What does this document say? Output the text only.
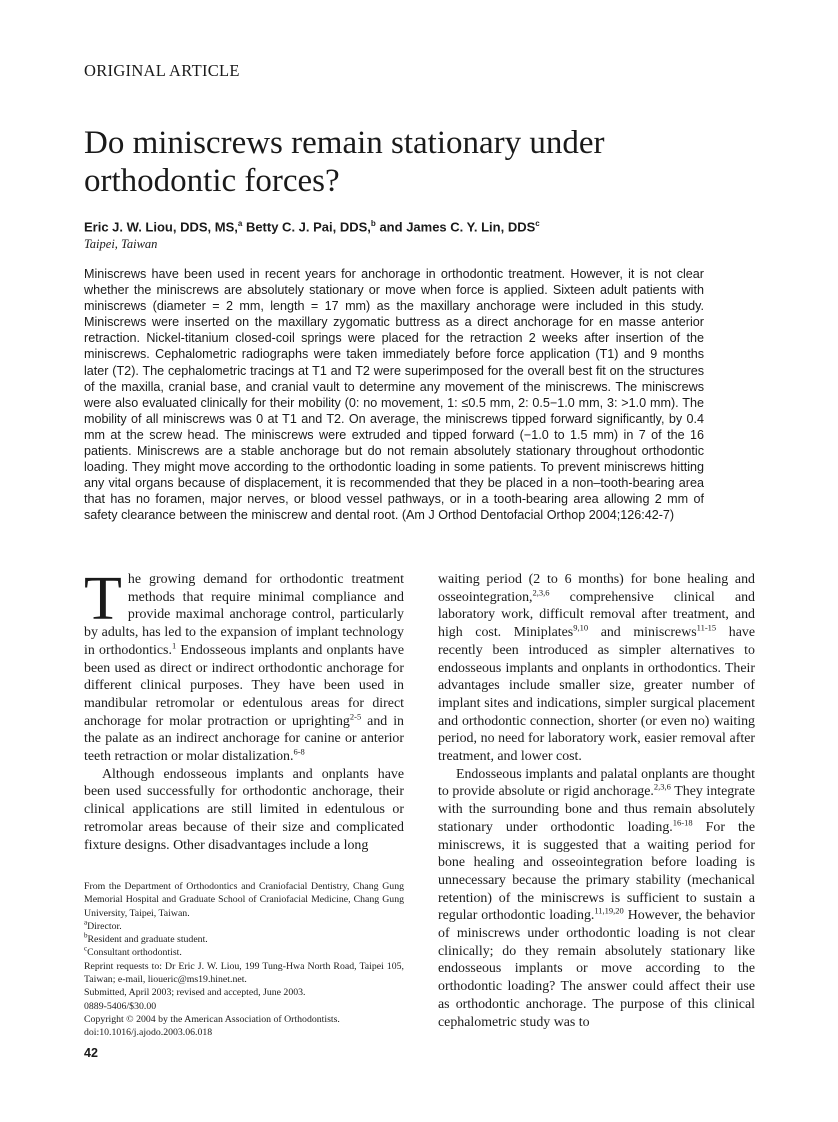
ORIGINAL ARTICLE
Do miniscrews remain stationary under orthodontic forces?
Eric J. W. Liou, DDS, MS,$^a$ Betty C. J. Pai, DDS,$^b$ and James C. Y. Lin, DDS$^c$
Taipei, Taiwan

Miniscrews have been used in recent years for anchorage in orthodontic treatment. However, it is not clear whether the miniscrews are absolutely stationary or move when force is applied. Sixteen adult patients with miniscrews (diameter = 2 mm, length = 17 mm) as the maxillary anchorage were included in this study. Miniscrews were inserted on the maxillary zygomatic buttress as a direct anchorage for en masse anterior retraction. Nickel-titanium closed-coil springs were placed for the retraction 2 weeks after insertion of the miniscrews. Cephalometric radiographs were taken immediately before force application (T1) and 9 months later (T2). The cephalometric tracings at T1 and T2 were superimposed for the overall best fit on the structures of the maxilla, cranial base, and cranial vault to determine any movement of the miniscrews. The miniscrews were also evaluated clinically for their mobility (0: no movement, 1: ≤0.5 mm, 2: 0.5−1.0 mm, 3: >1.0 mm). The mobility of all miniscrews was 0 at T1 and T2. On average, the miniscrews tipped forward significantly, by 0.4 mm at the screw head. The miniscrews were extruded and tipped forward (−1.0 to 1.5 mm) in 7 of the 16 patients. Miniscrews are a stable anchorage but do not remain absolutely stationary throughout orthodontic loading. They might move according to the orthodontic loading in some patients. To prevent miniscrews hitting any vital organs because of displacement, it is recommended that they be placed in a non–tooth-bearing area that has no foramen, major nerves, or blood vessel pathways, or in a tooth-bearing area allowing 2 mm of safety clearance between the miniscrew and dental root. (Am J Orthod Dentofacial Orthop 2004;126:42-7)

The growing demand for orthodontic treatment methods that require minimal compliance and provide maximal anchorage control, particularly by adults, has led to the expansion of implant technology in orthodontics.$^1$ Endosseous implants and onplants have been used as direct or indirect orthodontic anchorage for different clinical purposes. They have been used in mandibular retromolar or edentulous areas for direct anchorage for molar protraction or uprighting$^{2-5}$ and in the palate as an indirect anchorage for canine or anterior teeth retraction or molar distalization.$^{6-8}$

Although endosseous implants and onplants have been used successfully for orthodontic anchorage, their clinical applications are still limited in edentulous or retromolar areas because of their size and complicated fixture designs. Other disadvantages include a long

waiting period (2 to 6 months) for bone healing and osseointegration,$^{2,3,6}$ comprehensive clinical and laboratory work, difficult removal after treatment, and high cost. Miniplates$^{9,10}$ and miniscrews$^{11-15}$ have recently been introduced as simpler alternatives to endosseous implants and onplants in orthodontics. Their advantages include smaller size, greater number of implant sites and indications, simpler surgical placement and orthodontic connection, shorter (or even no) waiting period, no need for laboratory work, easier removal after treatment, and lower cost.

Endosseous implants and palatal onplants are thought to provide absolute or rigid anchorage.$^{2,3,6}$ They integrate with the surrounding bone and thus remain absolutely stationary under orthodontic loading.$^{16-18}$ For the miniscrews, it is suggested that a waiting period for bone healing and osseointegration before loading is unnecessary because the primary stability (mechanical retention) of the miniscrews is sufficient to sustain a regular orthodontic loading.$^{11,19,20}$ However, the behavior of miniscrews under orthodontic loading is not clear clinically; do they remain absolutely stationary like endosseous implants or move according to the orthodontic loading? The answer could affect their use as orthodontic anchorage. The purpose of this clinical cephalometric study was to

From the Department of Orthodontics and Craniofacial Dentistry, Chang Gung Memorial Hospital and Graduate School of Craniofacial Medicine, Chang Gung University, Taipei, Taiwan.
$^a$Director.
$^b$Resident and graduate student.
$^c$Consultant orthodontist.
Reprint requests to: Dr Eric J. W. Liou, 199 Tung-Hwa North Road, Taipei 105, Taiwan; e-mail, lioueric@ms19.hinet.net.
Submitted, April 2003; revised and accepted, June 2003.
0889-5406/$30.00
Copyright © 2004 by the American Association of Orthodontists.
doi:10.1016/j.ajodo.2003.06.018
42
